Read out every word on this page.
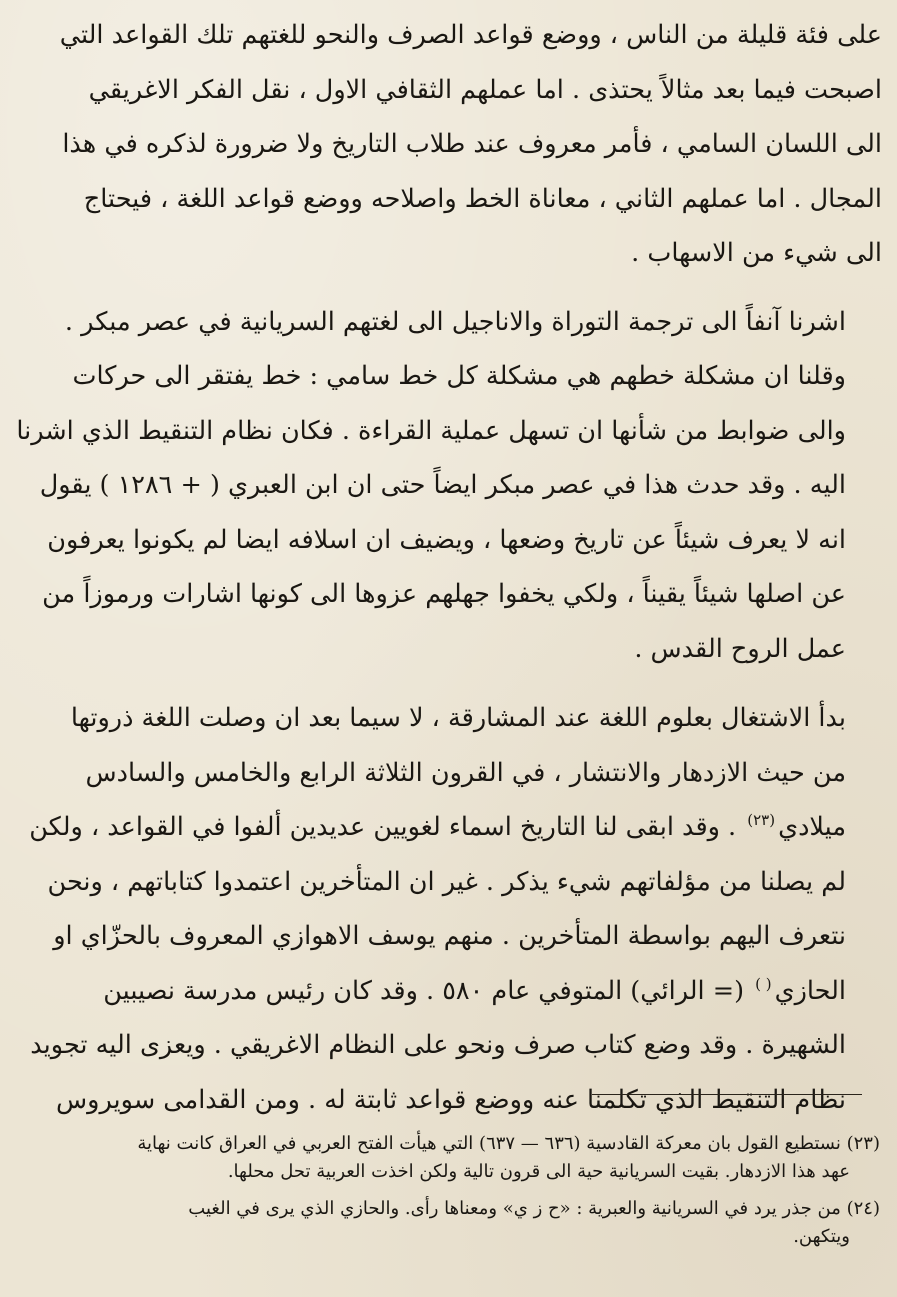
على فئة قليلة من الناس ، ووضع قواعد الصرف والنحو للغتهم تلك القواعد التي
اصبحت فيما بعد مثالاً يحتذى . اما عملهم الثقافي الاول ، نقل الفكر الاغريقي
الى اللسان السامي ، فأمر معروف عند طلاب التاريخ ولا ضرورة لذكره في هذا
المجال . اما عملهم الثاني ، معاناة الخط واصلاحه ووضع قواعد اللغة ، فيحتاج
الى شيء من الاسهاب .

اشرنا آنفاً الى ترجمة التوراة والاناجيل الى لغتهم السريانية في عصر مبكر .
وقلنا ان مشكلة خطهم هي مشكلة كل خط سامي : خط يفتقر الى حركات
والى ضوابط من شأنها ان تسهل عملية القراءة . فكان نظام التنقيط الذي اشرنا
اليه . وقد حدث هذا في عصر مبكر ايضاً حتى ان ابن العبري ( + ١٢٨٦ ) يقول
انه لا يعرف شيئاً عن تاريخ وضعها ، ويضيف ان اسلافه ايضا لم يكونوا يعرفون
عن اصلها شيئاً يقيناً ، ولكي يخفوا جهلهم عزوها الى كونها اشارات ورموزاً من
عمل الروح القدس .

بدأ الاشتغال بعلوم اللغة عند المشارقة ، لا سيما بعد ان وصلت اللغة ذروتها
من حيث الازدهار والانتشار ، في القرون الثلاثة الرابع والخامس والسادس
ميلادي$^{(٢٣)}$ . وقد ابقى لنا التاريخ اسماء لغويين عديدين ألفوا في القواعد ، ولكن
لم يصلنا من مؤلفاتهم شيء يذكر . غير ان المتأخرين اعتمدوا كتاباتهم ، ونحن
نتعرف اليهم بواسطة المتأخرين . منهم يوسف الاهوازي المعروف بالحزّاي او
الحازي( ) (= الرائي) المتوفي عام ٥٨٠ . وقد كان رئيس مدرسة نصيبين
الشهيرة . وقد وضع كتاب صرف ونحو على النظام الاغريقي . ويعزى اليه تجويد
نظام التنقيط الذي تكلمنا عنه ووضع قواعد ثابتة له . ومن القدامى سويروس

(٢٣) نستطيع القول بان معركة القادسية (٦٣٦ — ٦٣٧) التي هيأت الفتح العربي في العراق كانت نهاية

عهد هذا الازدهار. بقيت السريانية حية الى قرون تالية ولكن اخذت العربية تحل محلها.

(٢٤) من جذر يرد في السريانية والعبرية : «ح ز ي» ومعناها رأى. والحازي الذي يرى في الغيب

ويتكهن.
